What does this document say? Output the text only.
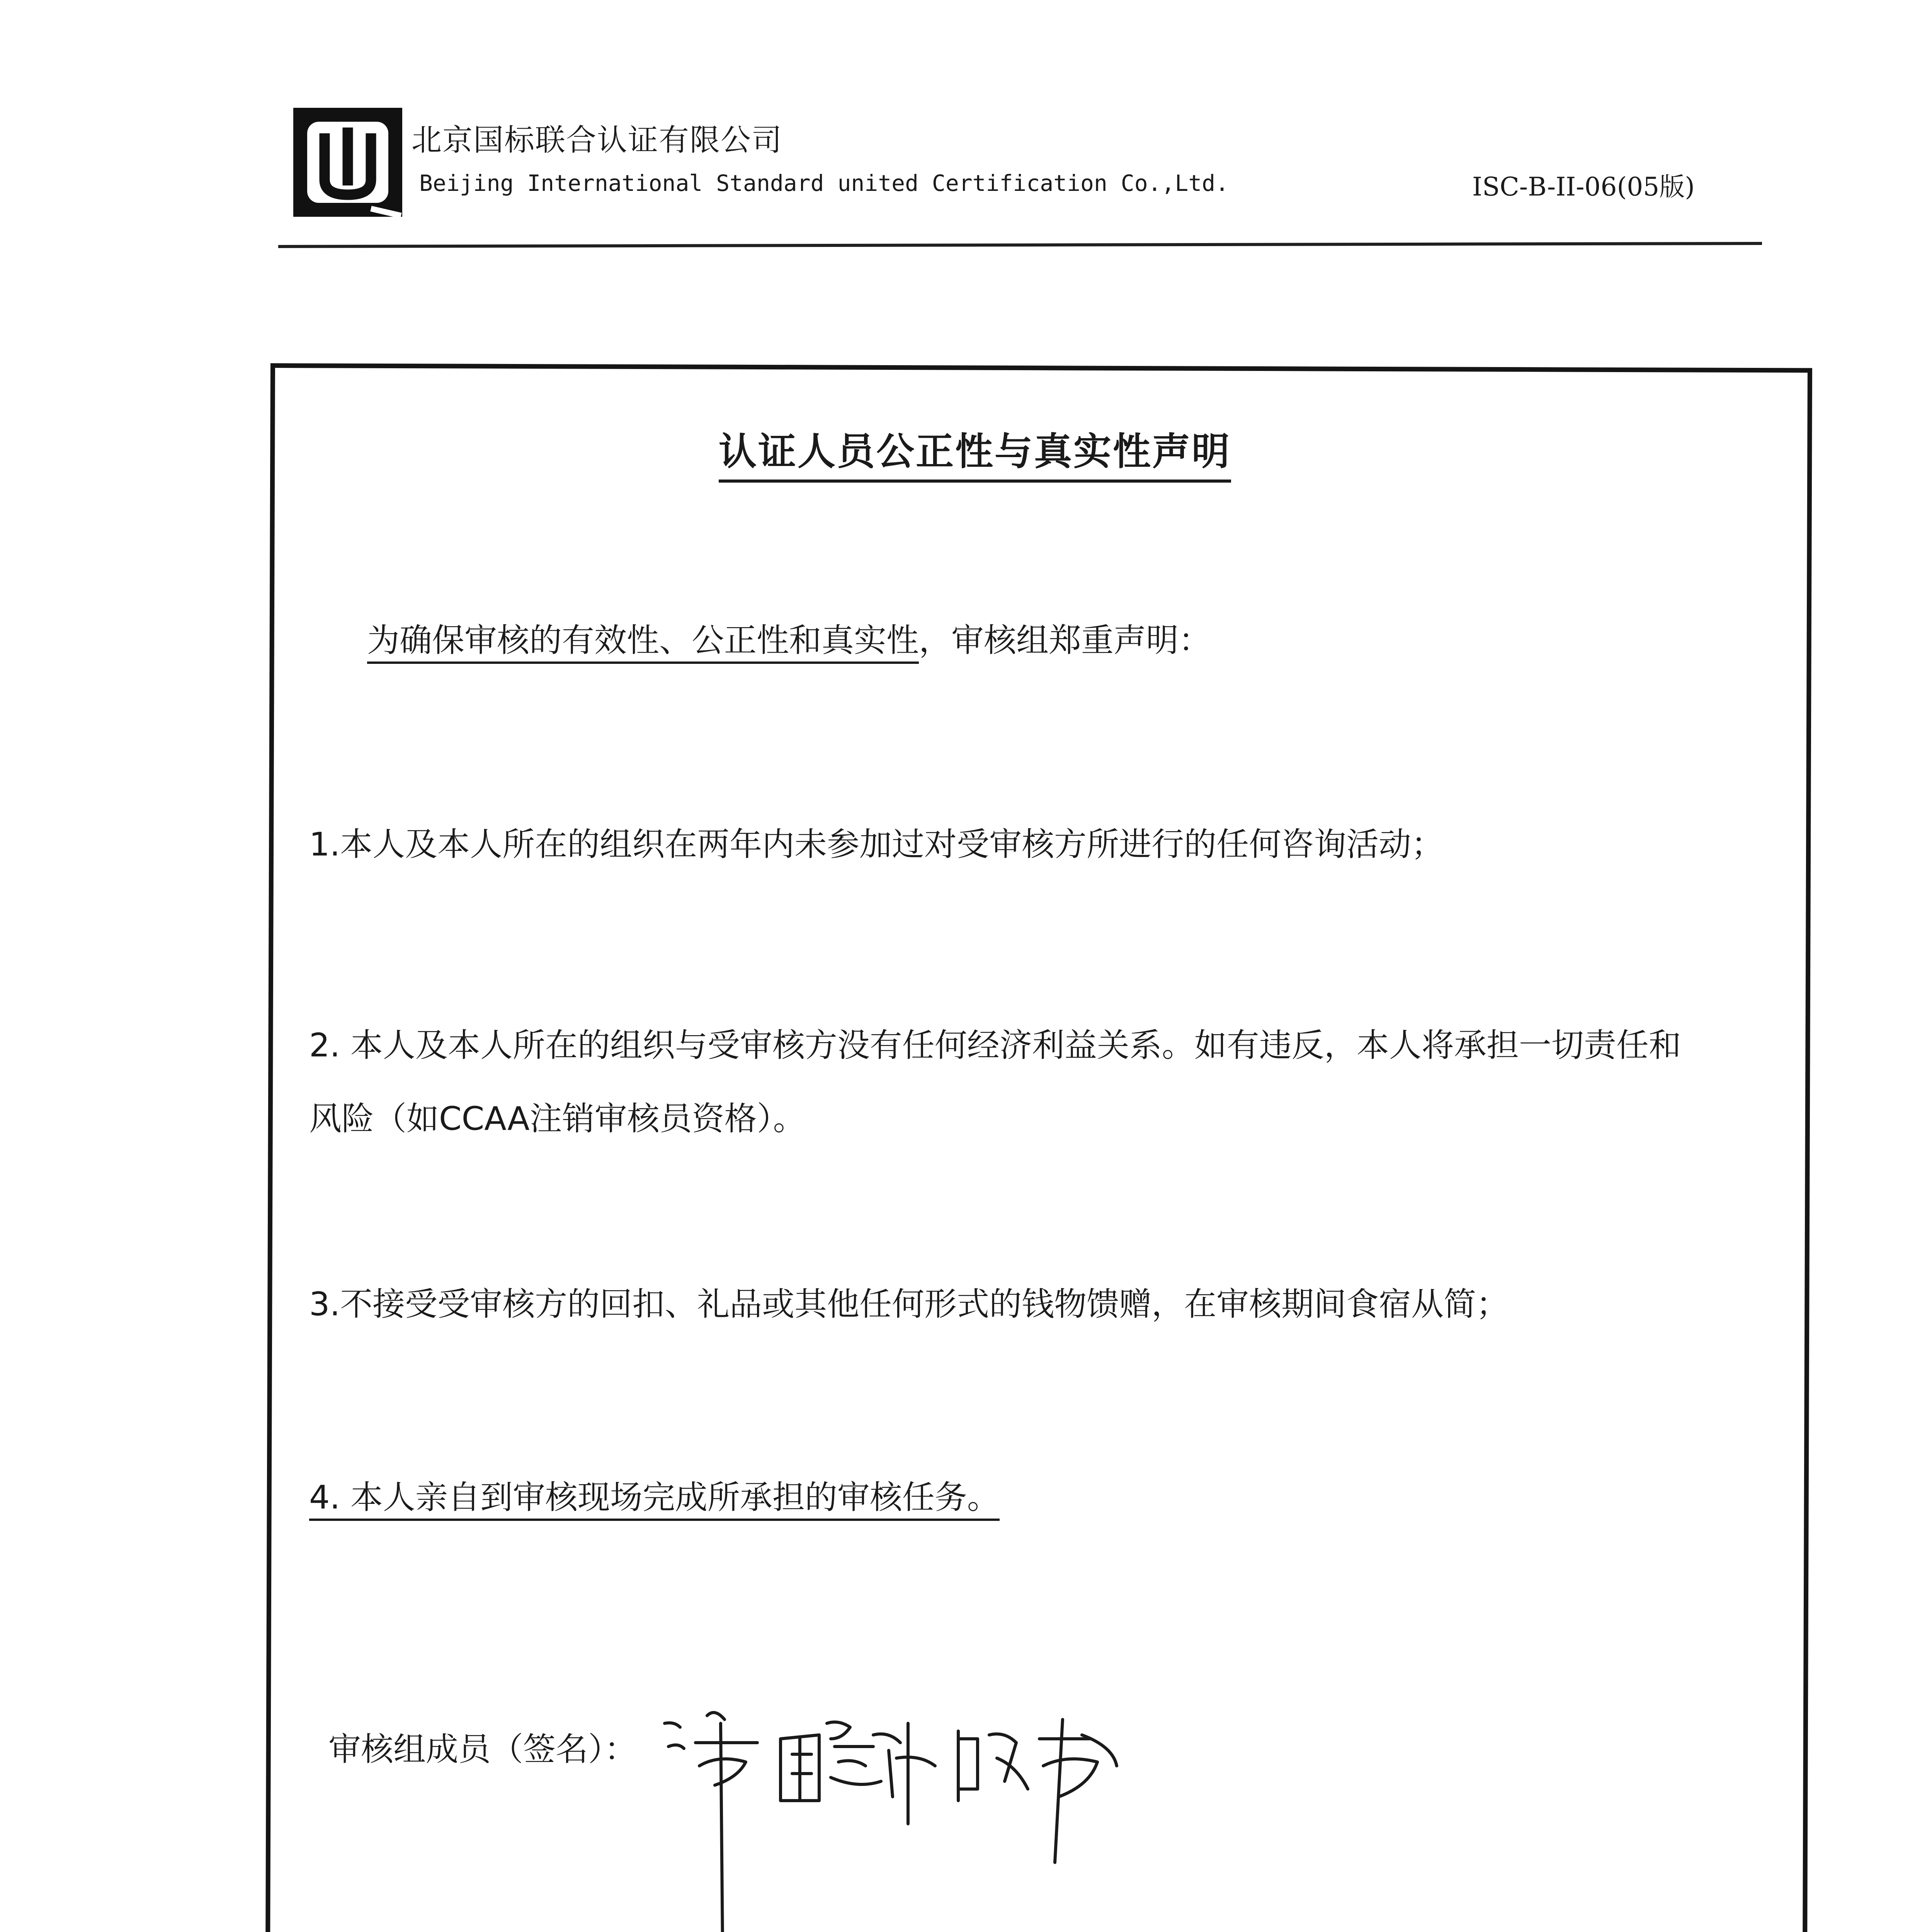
北京国标联合认证有限公司
Beijing International Standard united Certification Co.,Ltd.	ISC-B-II-06(05版)
认证人员公正性与真实性声明
为确保审核的有效性、公正性和真实性，审核组郑重声明：
1.本人及本人所在的组织在两年内未参加过对受审核方所进行的任何咨询活动；
2. 本人及本人所在的组织与受审核方没有任何经济利益关系。如有违反，本人将承担一切责任和
风险（如CCAA注销审核员资格）。
3.不接受受审核方的回扣、礼品或其他任何形式的钱物馈赠，在审核期间食宿从简；
4. 本人亲自到审核现场完成所承担的审核任务。
审核组成员（签名）：
